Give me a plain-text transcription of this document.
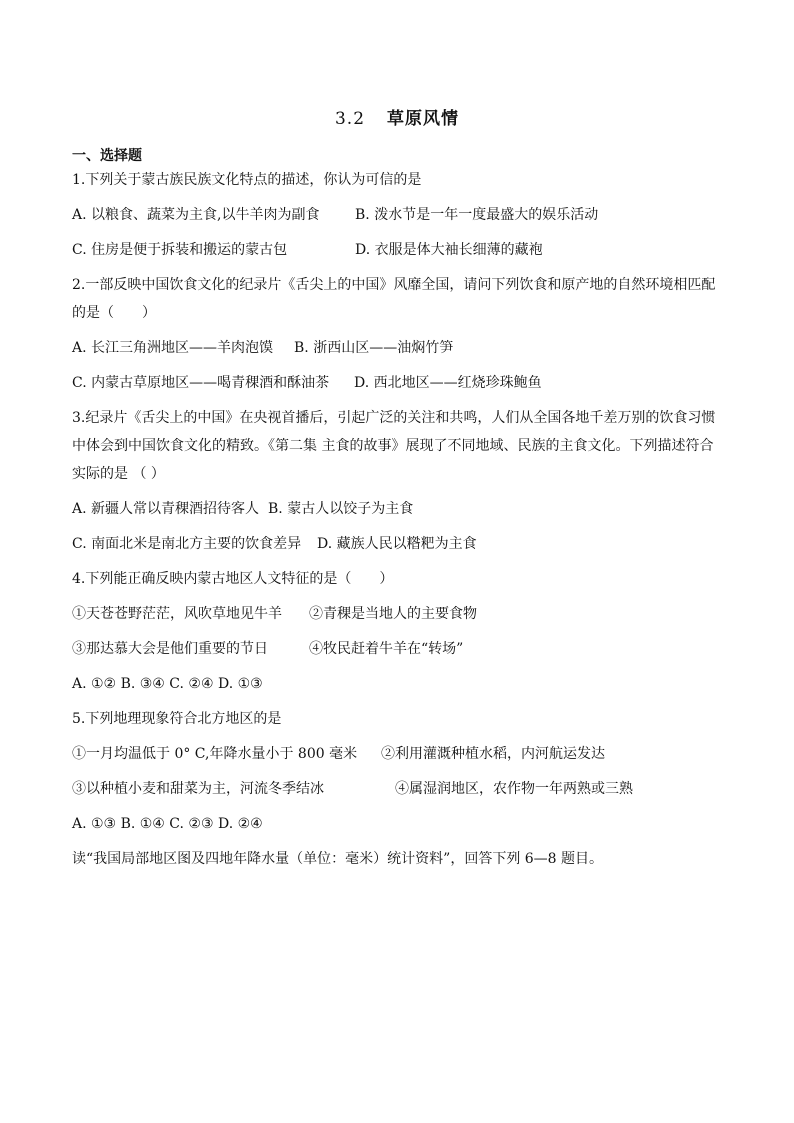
3.2 草原风情
一、选择题
1.下列关于蒙古族民族文化特点的描述，你认为可信的是
A. 以粮食、蔬菜为主食,以牛羊肉为副食	B. 泼水节是一年一度最盛大的娱乐活动
C. 住房是便于拆装和搬运的蒙古包	D. 衣服是体大袖长细薄的藏袍
2.一部反映中国饮食文化的纪录片《舌尖上的中国》风靡全国，请问下列饮食和原产地的自然环境相匹配
的是（　　）
A. 长江三角洲地区——羊肉泡馍	B. 浙西山区——油焖竹笋
C. 内蒙古草原地区——喝青稞酒和酥油茶	D. 西北地区——红烧珍珠鲍鱼
3.纪录片《舌尖上的中国》在央视首播后，引起广泛的关注和共鸣，人们从全国各地千差万别的饮食习惯
中体会到中国饮食文化的精致。《第二集 主食的故事》展现了不同地域、民族的主食文化。下列描述符合
实际的是 （ ）
A. 新疆人常以青稞酒招待客人 B. 蒙古人以饺子为主食
C. 南面北米是南北方主要的饮食差异	D. 藏族人民以糌粑为主食
4.下列能正确反映内蒙古地区人文特征的是（　　）
①天苍苍野茫茫，风吹草地见牛羊	②青稞是当地人的主要食物
③那达慕大会是他们重要的节日	④牧民赶着牛羊在“转场”
A. ①② B. ③④ C. ②④ D. ①③
5.下列地理现象符合北方地区的是
①一月均温低于 0° C,年降水量小于 800 毫米	②利用灌溉种植水稻，内河航运发达
③以种植小麦和甜菜为主，河流冬季结冰	④属湿润地区，农作物一年两熟或三熟
A. ①③ B. ①④ C. ②③ D. ②④
读“我国局部地区图及四地年降水量（单位：毫米）统计资料”，回答下列 6—8 题目。
